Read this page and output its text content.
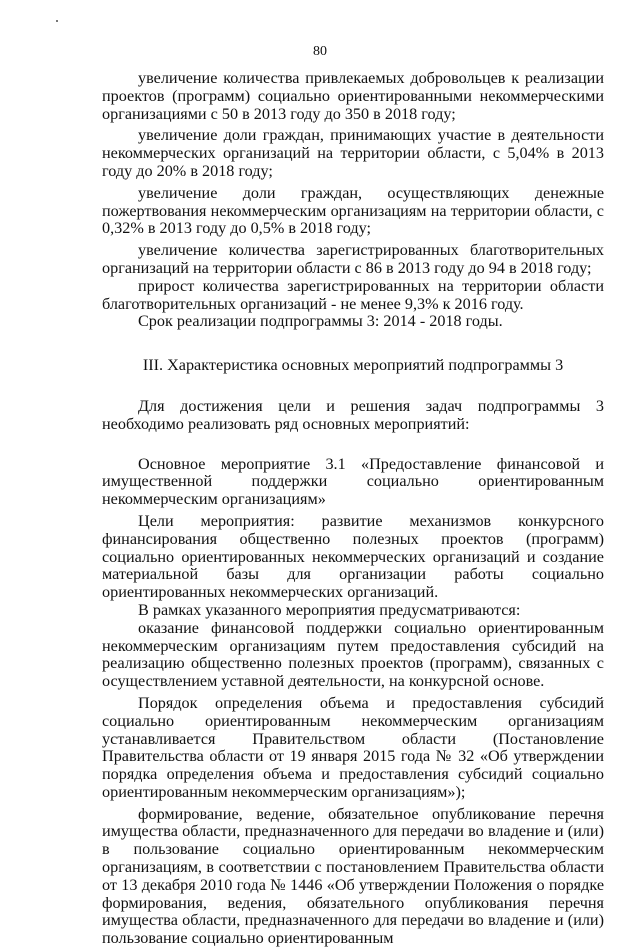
80

увеличение количества привлекаемых добровольцев к реализации проектов (программ) социально ориентированными некоммерческими организациями с 50 в 2013 году до 350 в 2018 году;

увеличение доли граждан, принимающих участие в деятельности некоммерческих организаций на территории области, с 5,04% в 2013 году до 20% в 2018 году;

увеличение доли граждан, осуществляющих денежные пожертвования некоммерческим организациям на территории области, с 0,32% в 2013 году до 0,5% в 2018 году;

увеличение количества зарегистрированных благотворительных организаций на территории области с 86 в 2013 году до 94 в 2018 году;

прирост количества зарегистрированных на территории области благотворительных организаций - не менее 9,3% к 2016 году.

Срок реализации подпрограммы 3: 2014 - 2018 годы.

III. Характеристика основных мероприятий подпрограммы 3

Для достижения цели и решения задач подпрограммы 3 необходимо реализовать ряд основных мероприятий:

Основное мероприятие 3.1 «Предоставление финансовой и имущественной поддержки социально ориентированным некоммерческим организациям»

Цели мероприятия: развитие механизмов конкурсного финансирования общественно полезных проектов (программ) социально ориентированных некоммерческих организаций и создание материальной базы для организации работы социально ориентированных некоммерческих организаций.

В рамках указанного мероприятия предусматриваются:

оказание финансовой поддержки социально ориентированным некоммерческим организациям путем предоставления субсидий на реализацию общественно полезных проектов (программ), связанных с осуществлением уставной деятельности, на конкурсной основе.

Порядок определения объема и предоставления субсидий социально ориентированным некоммерческим организациям устанавливается Правительством области (Постановление Правительства области от 19 января 2015 года № 32 «Об утверждении порядка определения объема и предоставления субсидий социально ориентированным некоммерческим организациям»);

формирование, ведение, обязательное опубликование перечня имущества области, предназначенного для передачи во владение и (или) в пользование социально ориентированным некоммерческим организациям, в соответствии с постановлением Правительства области от 13 декабря 2010 года № 1446 «Об утверждении Положения о порядке формирования, ведения, обязательного опубликования перечня имущества области, предназначенного для передачи во владение и (или) пользование социально ориентированным
